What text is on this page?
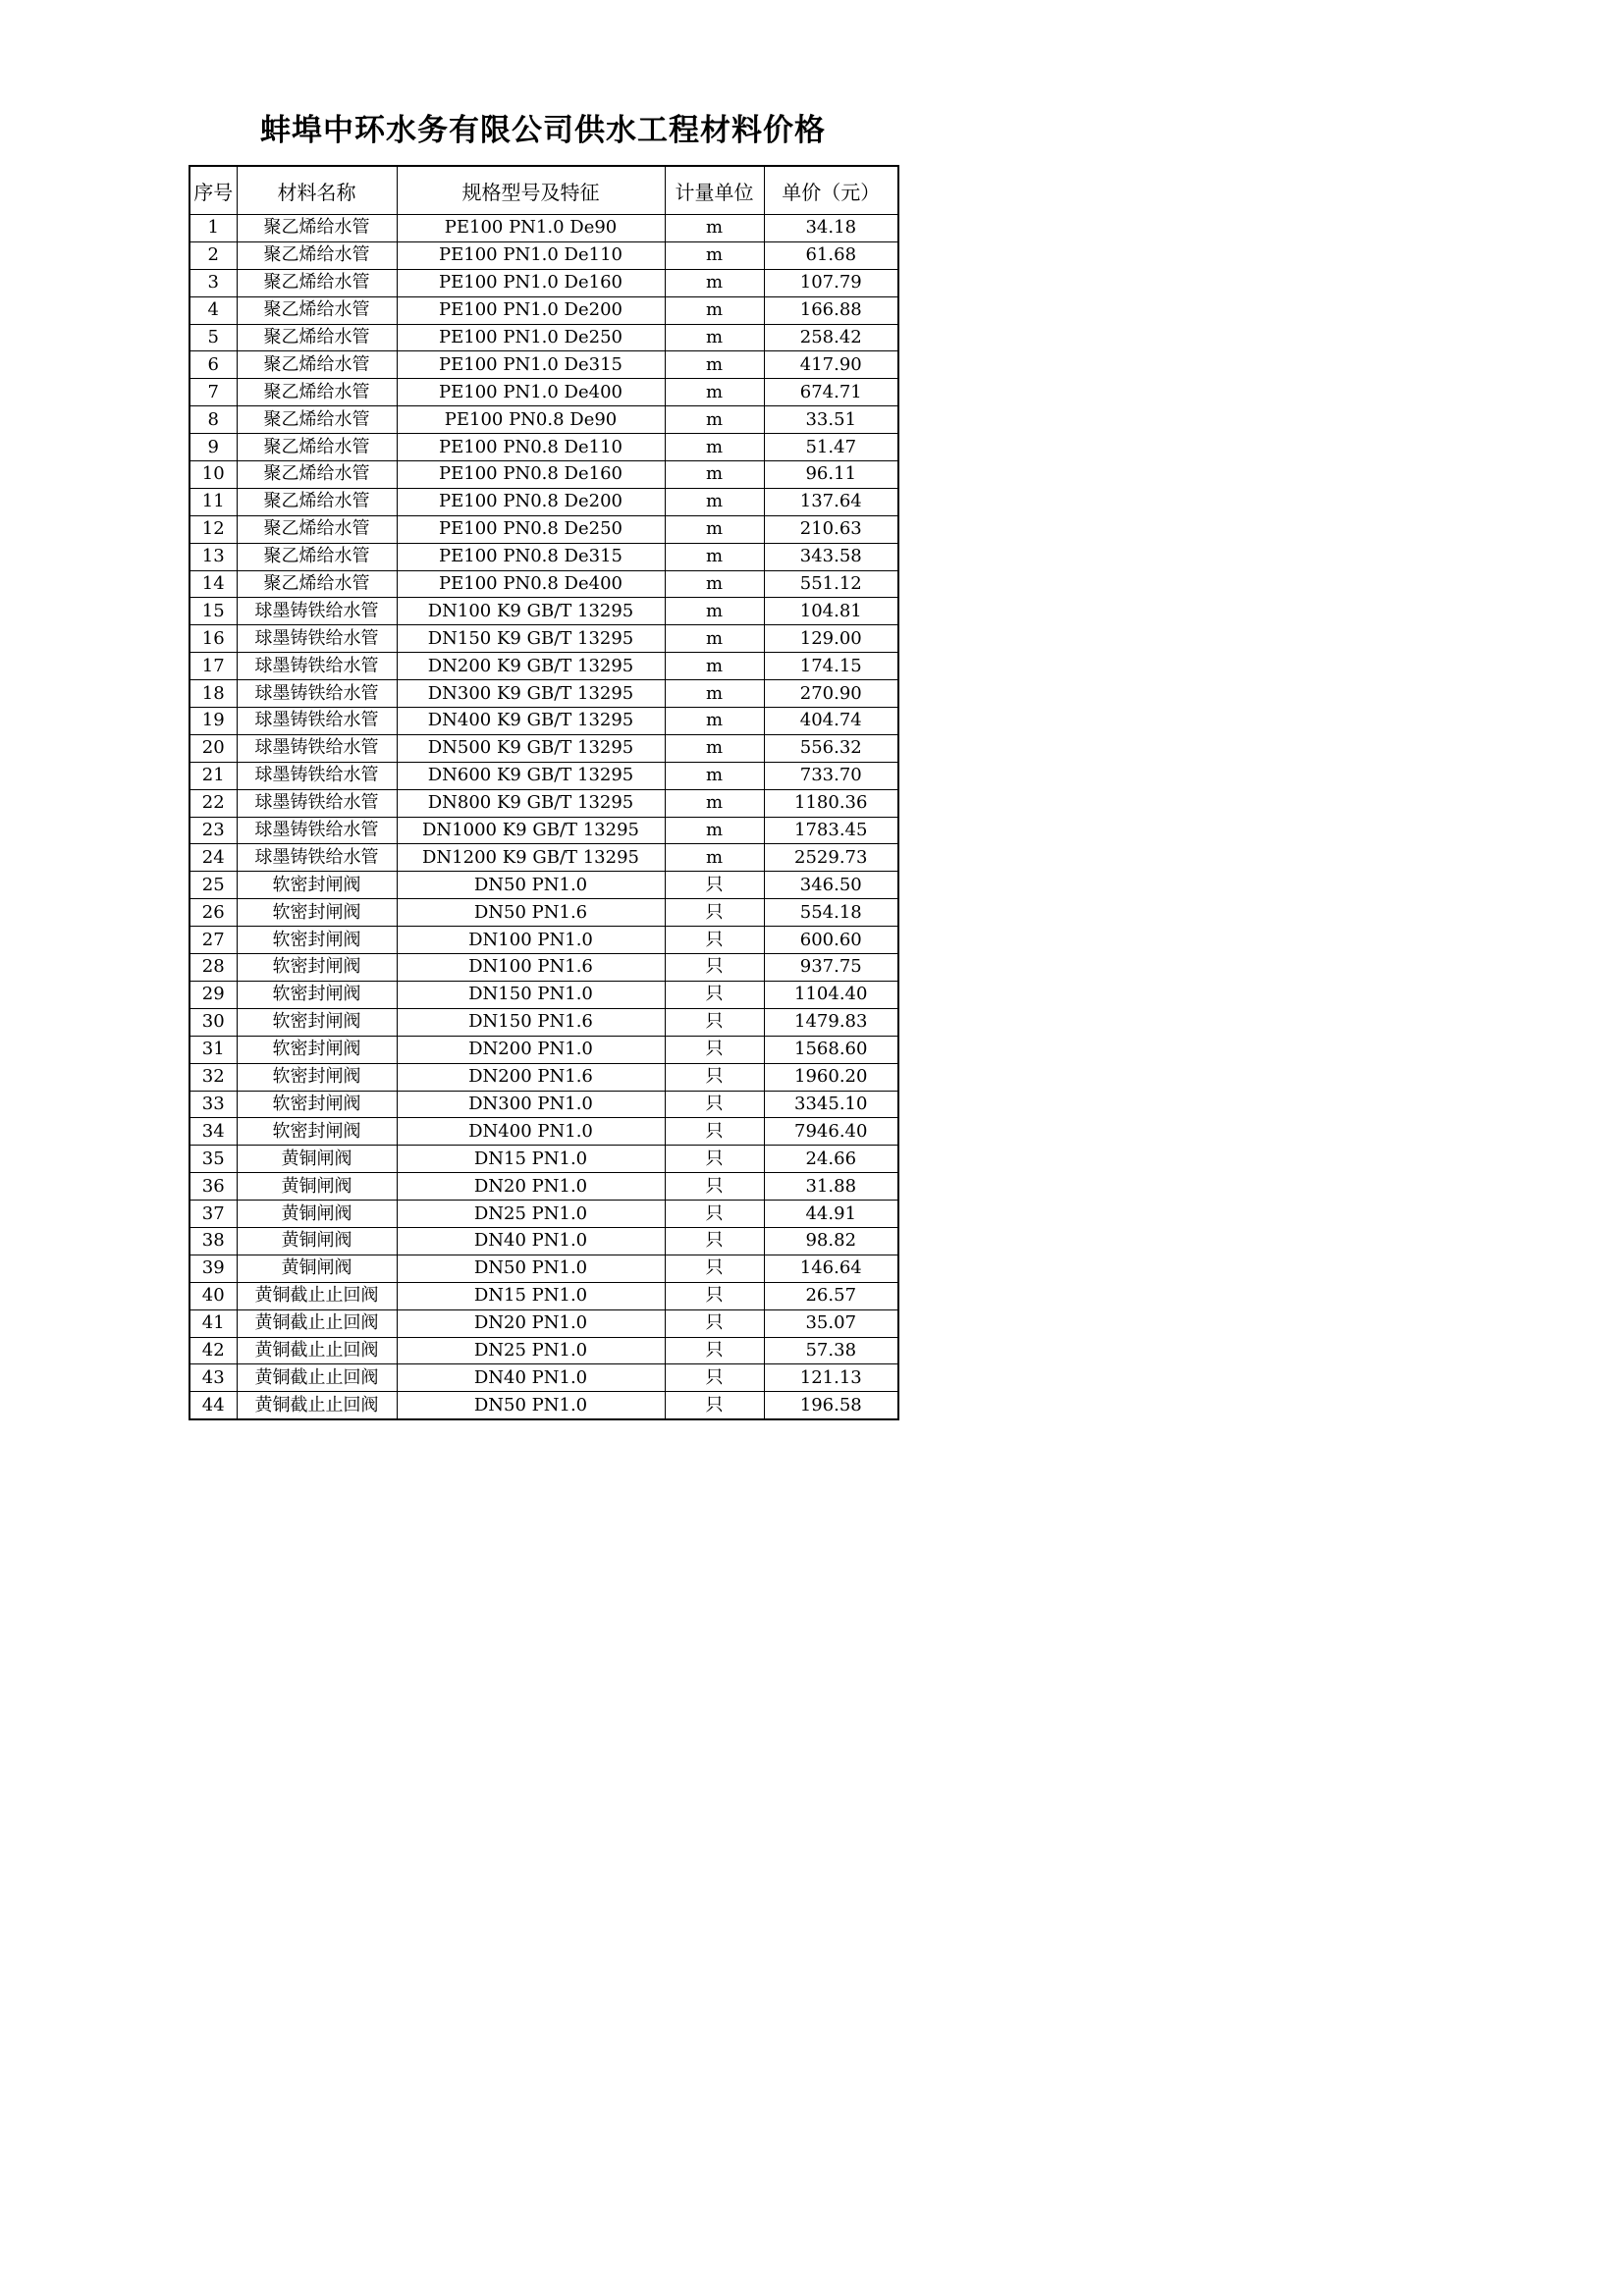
蚌埠中环水务有限公司供水工程材料价格
序号	材料名称	规格型号及特征	计量单位	单价（元）
1	聚乙烯给水管	PE100 PN1.0 De90	m	34.18
2	聚乙烯给水管	PE100 PN1.0 De110	m	61.68
3	聚乙烯给水管	PE100 PN1.0 De160	m	107.79
4	聚乙烯给水管	PE100 PN1.0 De200	m	166.88
5	聚乙烯给水管	PE100 PN1.0 De250	m	258.42
6	聚乙烯给水管	PE100 PN1.0 De315	m	417.90
7	聚乙烯给水管	PE100 PN1.0 De400	m	674.71
8	聚乙烯给水管	PE100 PN0.8 De90	m	33.51
9	聚乙烯给水管	PE100 PN0.8 De110	m	51.47
10	聚乙烯给水管	PE100 PN0.8 De160	m	96.11
11	聚乙烯给水管	PE100 PN0.8 De200	m	137.64
12	聚乙烯给水管	PE100 PN0.8 De250	m	210.63
13	聚乙烯给水管	PE100 PN0.8 De315	m	343.58
14	聚乙烯给水管	PE100 PN0.8 De400	m	551.12
15	球墨铸铁给水管	DN100 K9 GB/T 13295	m	104.81
16	球墨铸铁给水管	DN150 K9 GB/T 13295	m	129.00
17	球墨铸铁给水管	DN200 K9 GB/T 13295	m	174.15
18	球墨铸铁给水管	DN300 K9 GB/T 13295	m	270.90
19	球墨铸铁给水管	DN400 K9 GB/T 13295	m	404.74
20	球墨铸铁给水管	DN500 K9 GB/T 13295	m	556.32
21	球墨铸铁给水管	DN600 K9 GB/T 13295	m	733.70
22	球墨铸铁给水管	DN800 K9 GB/T 13295	m	1180.36
23	球墨铸铁给水管	DN1000 K9 GB/T 13295	m	1783.45
24	球墨铸铁给水管	DN1200 K9 GB/T 13295	m	2529.73
25	软密封闸阀	DN50 PN1.0	只	346.50
26	软密封闸阀	DN50 PN1.6	只	554.18
27	软密封闸阀	DN100 PN1.0	只	600.60
28	软密封闸阀	DN100 PN1.6	只	937.75
29	软密封闸阀	DN150 PN1.0	只	1104.40
30	软密封闸阀	DN150 PN1.6	只	1479.83
31	软密封闸阀	DN200 PN1.0	只	1568.60
32	软密封闸阀	DN200 PN1.6	只	1960.20
33	软密封闸阀	DN300 PN1.0	只	3345.10
34	软密封闸阀	DN400 PN1.0	只	7946.40
35	黄铜闸阀	DN15 PN1.0	只	24.66
36	黄铜闸阀	DN20 PN1.0	只	31.88
37	黄铜闸阀	DN25 PN1.0	只	44.91
38	黄铜闸阀	DN40 PN1.0	只	98.82
39	黄铜闸阀	DN50 PN1.0	只	146.64
40	黄铜截止止回阀	DN15 PN1.0	只	26.57
41	黄铜截止止回阀	DN20 PN1.0	只	35.07
42	黄铜截止止回阀	DN25 PN1.0	只	57.38
43	黄铜截止止回阀	DN40 PN1.0	只	121.13
44	黄铜截止止回阀	DN50 PN1.0	只	196.58
